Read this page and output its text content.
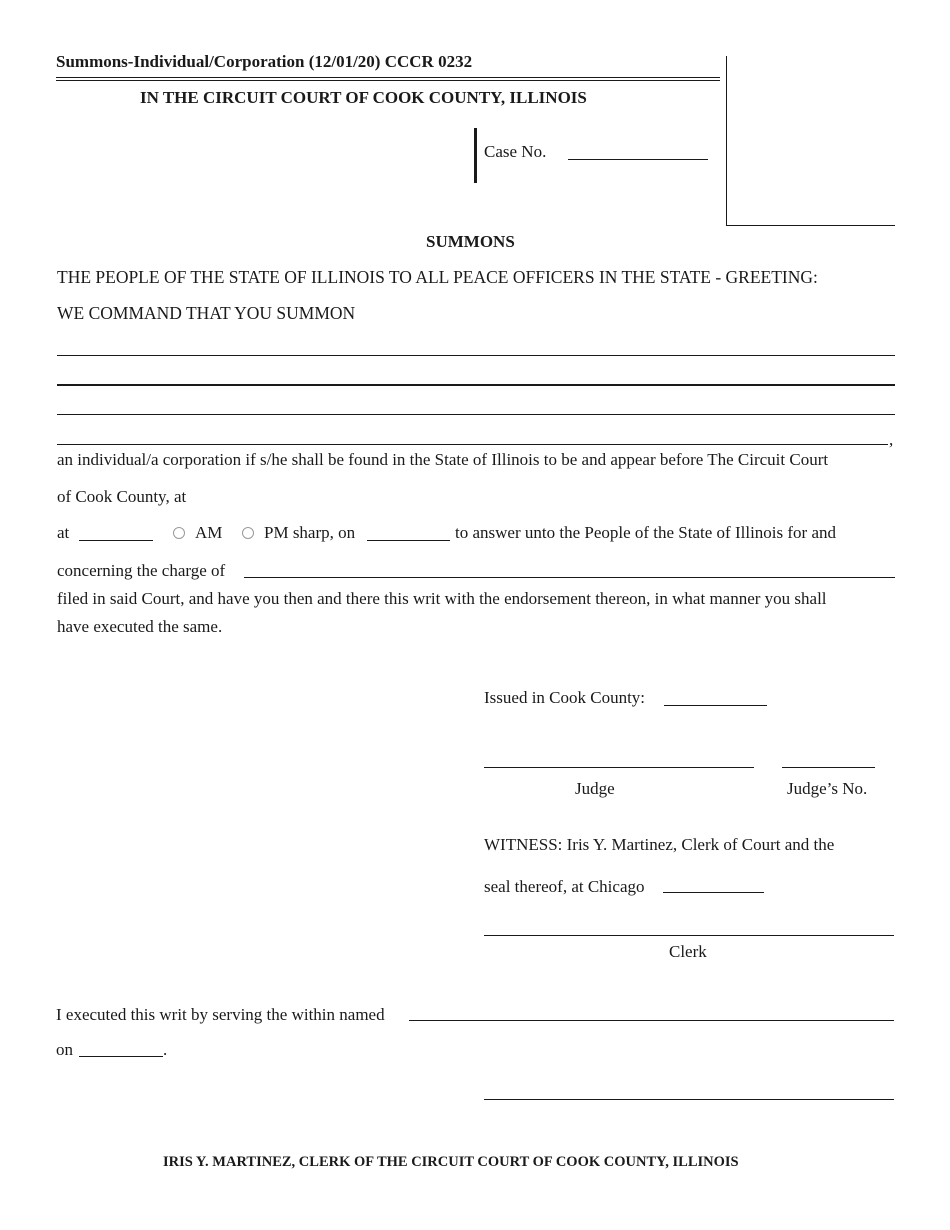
Summons-Individual/Corporation (12/01/20) CCCR 0232
IN THE CIRCUIT COURT OF COOK COUNTY, ILLINOIS
Case No.
SUMMONS
THE PEOPLE OF THE STATE OF ILLINOIS TO ALL PEACE OFFICERS IN THE STATE - GREETING:
WE COMMAND THAT YOU SUMMON
,
an individual/a corporation if s/he shall be found in the State of Illinois to be and appear before The Circuit Court
of Cook County, at
at	AM PM sharp, on	to answer unto the People of the State of Illinois for and
concerning the charge of
filed in said Court, and have you then and there this writ with the endorsement thereon, in what manner you shall
have executed the same.
Issued in Cook County:
Judge	Judge’s No.
WITNESS: Iris Y. Martinez, Clerk of Court and the
seal thereof, at Chicago
Clerk
I executed this writ by serving the within named
on	.
IRIS Y. MARTINEZ, CLERK OF THE CIRCUIT COURT OF COOK COUNTY, ILLINOIS
